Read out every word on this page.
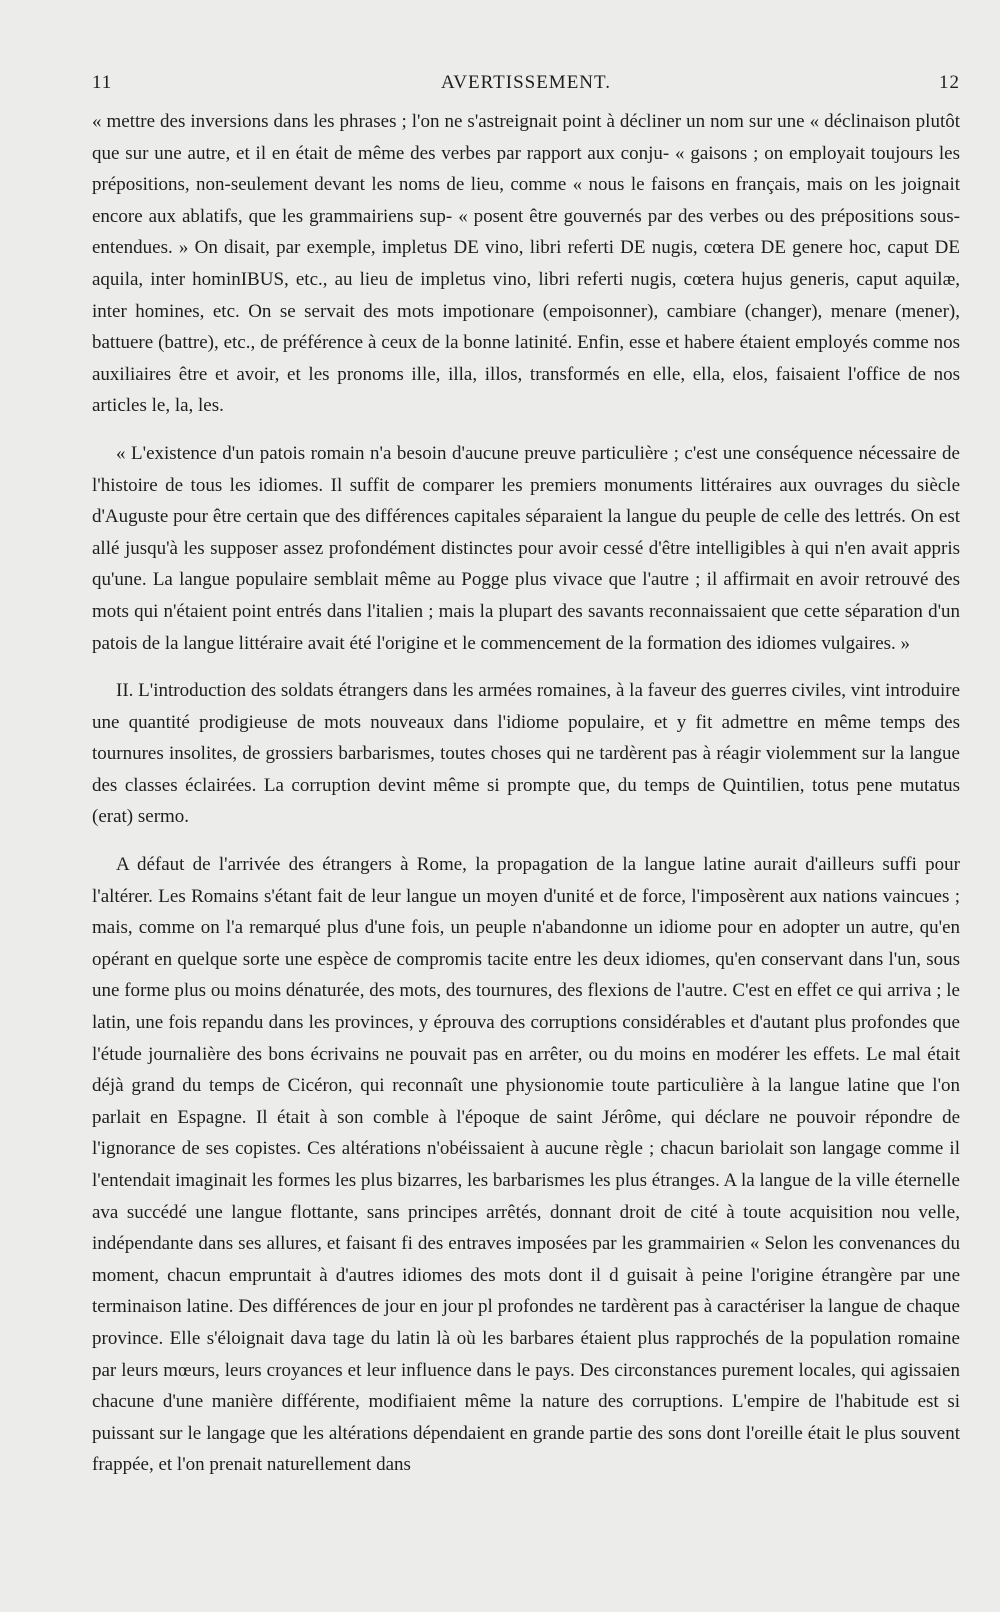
11	AVERTISSEMENT.	12

« mettre des inversions dans les phrases ; l'on ne s'astreignait point à décliner un nom sur une « déclinaison plutôt que sur une autre, et il en était de même des verbes par rapport aux conju- « gaisons ; on employait toujours les prépositions, non-seulement devant les noms de lieu, comme « nous le faisons en français, mais on les joignait encore aux ablatifs, que les grammairiens sup- « posent être gouvernés par des verbes ou des prépositions sous-entendues. » On disait, par exemple, impletus DE vino, libri referti DE nugis, cœtera DE genere hoc, caput DE aquila, inter hominIBUS, etc., au lieu de impletus vino, libri referti nugis, cœtera hujus generis, caput aquilæ, inter homines, etc. On se servait des mots impotionare (empoisonner), cambiare (changer), menare (mener), battuere (battre), etc., de préférence à ceux de la bonne latinité. Enfin, esse et habere étaient employés comme nos auxiliaires être et avoir, et les pronoms ille, illa, illos, transformés en elle, ella, elos, faisaient l'office de nos articles le, la, les.

« L'existence d'un patois romain n'a besoin d'aucune preuve particulière ; c'est une conséquence nécessaire de l'histoire de tous les idiomes. Il suffit de comparer les premiers monuments littéraires aux ouvrages du siècle d'Auguste pour être certain que des différences capitales séparaient la langue du peuple de celle des lettrés. On est allé jusqu'à les supposer assez profondément distinctes pour avoir cessé d'être intelligibles à qui n'en avait appris qu'une. La langue populaire semblait même au Pogge plus vivace que l'autre ; il affirmait en avoir retrouvé des mots qui n'étaient point entrés dans l'italien ; mais la plupart des savants reconnaissaient que cette séparation d'un patois de la langue littéraire avait été l'origine et le commencement de la formation des idiomes vulgaires. »

II. L'introduction des soldats étrangers dans les armées romaines, à la faveur des guerres civiles, vint introduire une quantité prodigieuse de mots nouveaux dans l'idiome populaire, et y fit admettre en même temps des tournures insolites, de grossiers barbarismes, toutes choses qui ne tardèrent pas à réagir violemment sur la langue des classes éclairées. La corruption devint même si prompte que, du temps de Quintilien, totus pene mutatus (erat) sermo.

A défaut de l'arrivée des étrangers à Rome, la propagation de la langue latine aurait d'ailleurs suffi pour l'altérer. Les Romains s'étant fait de leur langue un moyen d'unité et de force, l'imposèrent aux nations vaincues ; mais, comme on l'a remarqué plus d'une fois, un peuple n'abandonne un idiome pour en adopter un autre, qu'en opérant en quelque sorte une espèce de compromis tacite entre les deux idiomes, qu'en conservant dans l'un, sous une forme plus ou moins dénaturée, des mots, des tournures, des flexions de l'autre. C'est en effet ce qui arriva ; le latin, une fois repandu dans les provinces, y éprouva des corruptions considérables et d'autant plus profondes que l'étude journalière des bons écrivains ne pouvait pas en arrêter, ou du moins en modérer les effets. Le mal était déjà grand du temps de Cicéron, qui reconnaît une physionomie toute particulière à la langue latine que l'on parlait en Espagne. Il était à son comble à l'époque de saint Jérôme, qui déclare ne pouvoir répondre de l'ignorance de ses copistes. Ces altérations n'obéissaient à aucune règle ; chacun bariolait son langage comme il l'entendait imaginait les formes les plus bizarres, les barbarismes les plus étranges. A la langue de la ville éternelle ava succédé une langue flottante, sans principes arrêtés, donnant droit de cité à toute acquisition nou velle, indépendante dans ses allures, et faisant fi des entraves imposées par les grammairien « Selon les convenances du moment, chacun empruntait à d'autres idiomes des mots dont il d guisait à peine l'origine étrangère par une terminaison latine. Des différences de jour en jour pl profondes ne tardèrent pas à caractériser la langue de chaque province. Elle s'éloignait dava tage du latin là où les barbares étaient plus rapprochés de la population romaine par leurs mœurs, leurs croyances et leur influence dans le pays. Des circonstances purement locales, qui agissaien chacune d'une manière différente, modifiaient même la nature des corruptions. L'empire de l'habitude est si puissant sur le langage que les altérations dépendaient en grande partie des sons dont l'oreille était le plus souvent frappée, et l'on prenait naturellement dans
